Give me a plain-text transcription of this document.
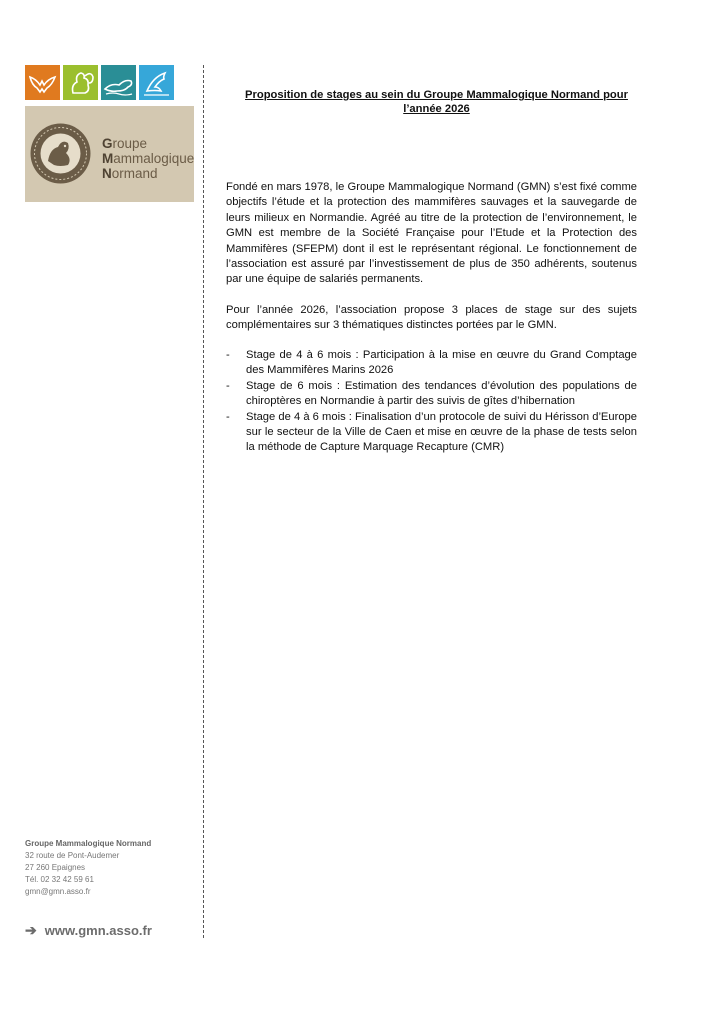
Groupe
Mammalogique
Normand
Groupe Mammalogique Normand
32 route de Pont-Audemer
27 260 Epaignes
Tél. 02 32 42 59 61
gmn@gmn.asso.fr
➔ www.gmn.asso.fr

Proposition de stages au sein du Groupe Mammalogique Normand pour l’année 2026

Fondé en mars 1978, le Groupe Mammalogique Normand (GMN) s’est fixé comme objectifs l’étude et la protection des mammifères sauvages et la sauvegarde de leurs milieux en Normandie. Agréé au titre de la protection de l’environnement, le GMN est membre de la Société Française pour l’Etude et la Protection des Mammifères (SFEPM) dont il est le représentant régional. Le fonctionnement de l’association est assuré par l’investissement de plus de 350 adhérents, soutenus par une équipe de salariés permanents.

Pour l’année 2026, l’association propose 3 places de stage sur des sujets complémentaires sur 3 thématiques distinctes portées par le GMN.

- Stage de 4 à 6 mois : Participation à la mise en œuvre du Grand Comptage des Mammifères Marins 2026
- Stage de 6 mois : Estimation des tendances d’évolution des populations de chiroptères en Normandie à partir des suivis de gîtes d’hibernation
- Stage de 4 à 6 mois : Finalisation d’un protocole de suivi du Hérisson d’Europe sur le secteur de la Ville de Caen et mise en œuvre de la phase de tests selon la méthode de Capture Marquage Recapture (CMR)
